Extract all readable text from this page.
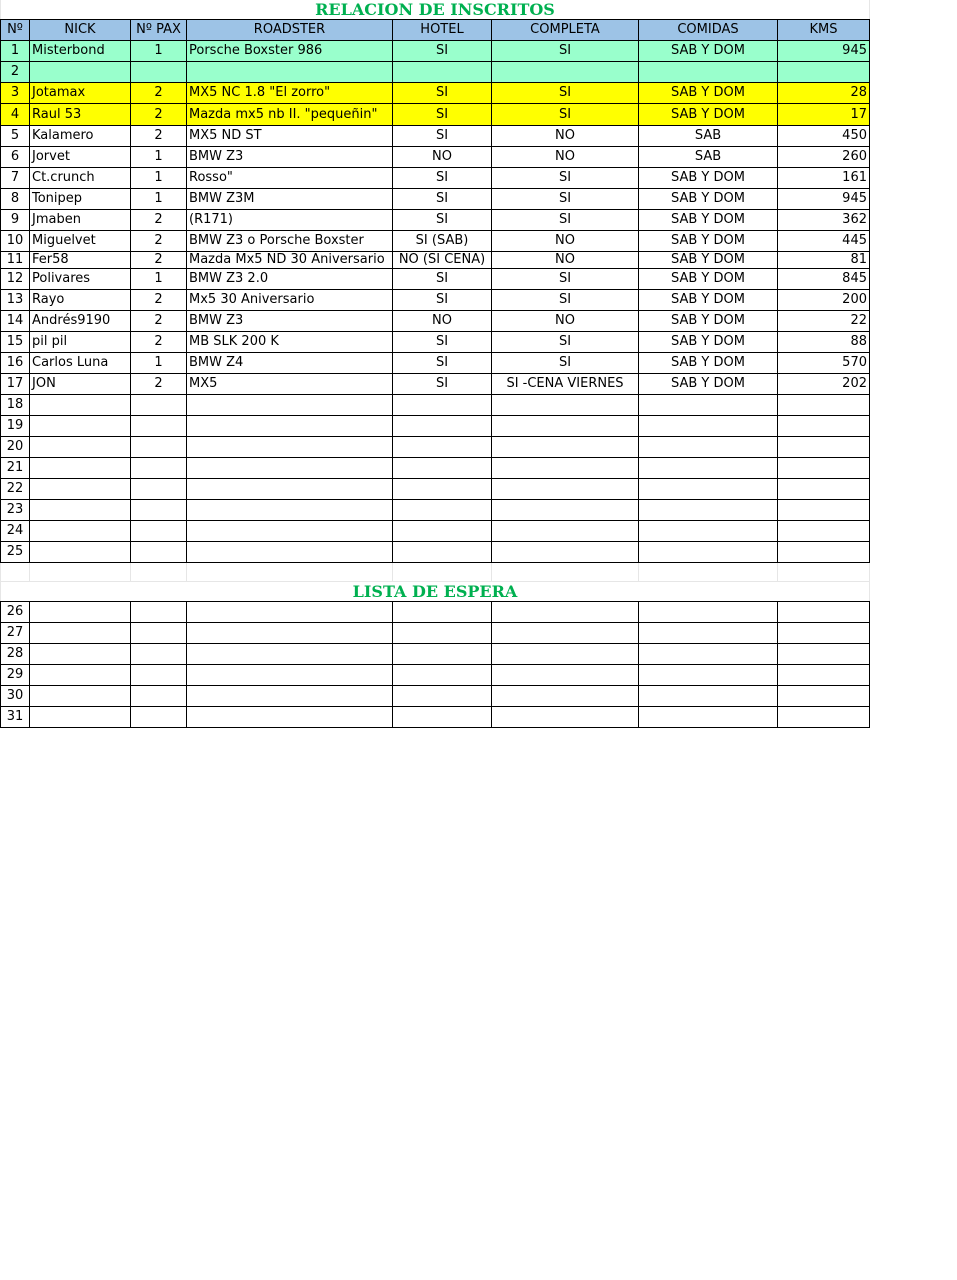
RELACION DE INSCRITOS							
Nº	NICK	Nº PAX	ROADSTER	HOTEL	COMPLETA	COMIDAS	KMS
1	Misterbond	1	Porsche Boxster 986	SI	SI	SAB Y DOM	945
2							
3	Jotamax	2	MX5 NC 1.8 "El zorro"	SI	SI	SAB Y DOM	28
4	Raul 53	2	Mazda mx5 nb II. "pequeñin"	SI	SI	SAB Y DOM	17
5	Kalamero	2	MX5 ND ST	SI	NO	SAB	450
6	Jorvet	1	BMW Z3	NO	NO	SAB	260
7	Ct.crunch	1	Rosso"	SI	SI	SAB Y DOM	161
8	Tonipep	1	BMW Z3M	SI	SI	SAB Y DOM	945
9	Jmaben	2	(R171)	SI	SI	SAB Y DOM	362
10	Miguelvet	2	BMW Z3 o Porsche Boxster	SI (SAB)	NO	SAB Y DOM	445
11	Fer58	2	Mazda Mx5 ND 30 Aniversario	NO (SI CENA)	NO	SAB Y DOM	81
12	Polivares	1	BMW Z3 2.0	SI	SI	SAB Y DOM	845
13	Rayo	2	Mx5 30 Aniversario	SI	SI	SAB Y DOM	200
14	Andrés9190	2	BMW Z3	NO	NO	SAB Y DOM	22
15	pil pil	2	MB SLK 200 K	SI	SI	SAB Y DOM	88
16	Carlos Luna	1	BMW Z4	SI	SI	SAB Y DOM	570
17	JON	2	MX5	SI	SI -CENA VIERNES	SAB Y DOM	202
18							
19							
20							
21							
22							
23							
24							
25							

LISTA DE ESPERA							
26							
27							
28							
29							
30							
31							
